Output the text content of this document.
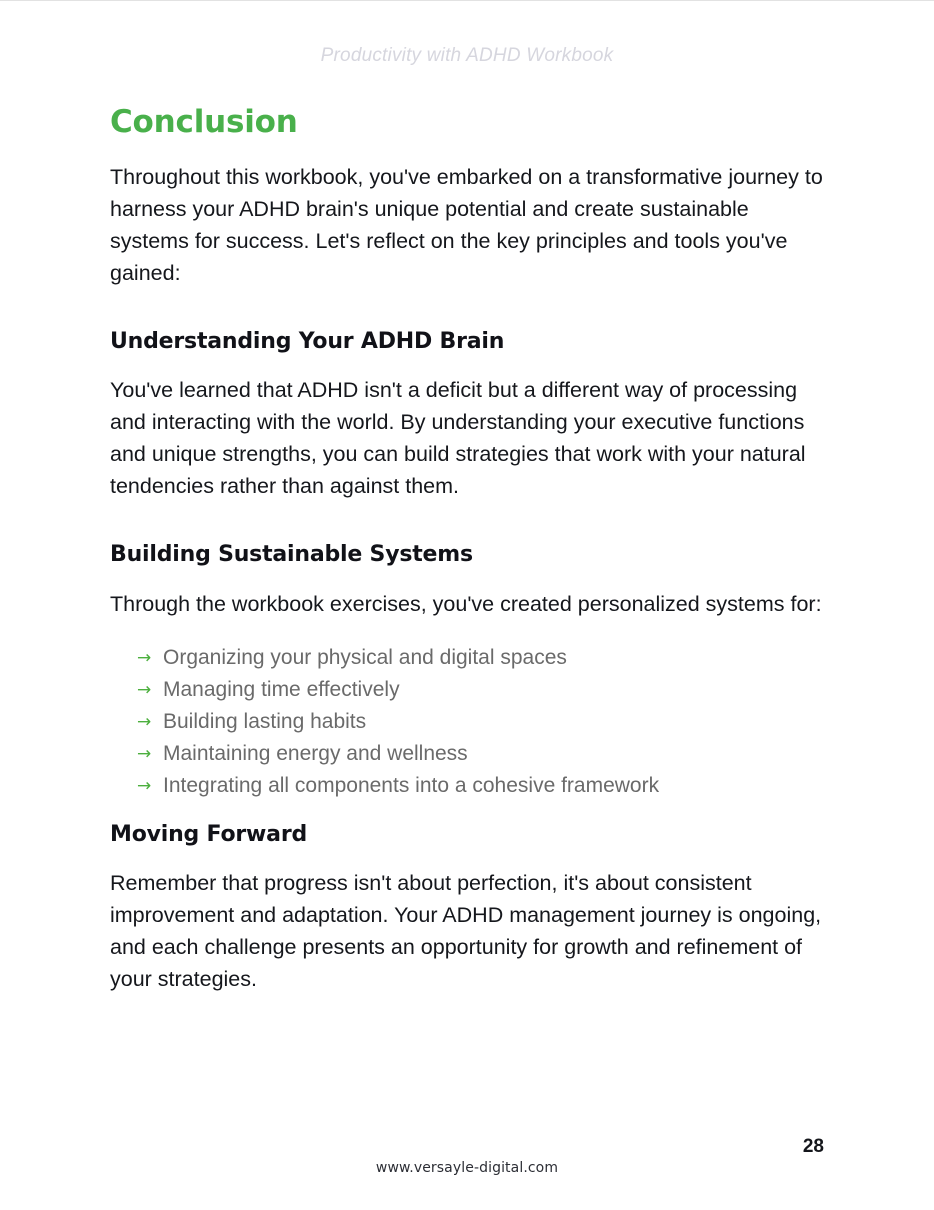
Productivity with ADHD Workbook
Conclusion

Throughout this workbook, you've embarked on a transformative journey to harness your ADHD brain's unique potential and create sustainable systems for success. Let's reflect on the key principles and tools you've gained:

Understanding Your ADHD Brain

You've learned that ADHD isn't a deficit but a different way of processing and interacting with the world. By understanding your executive functions and unique strengths, you can build strategies that work with your natural tendencies rather than against them.

Building Sustainable Systems

Through the workbook exercises, you've created personalized systems for:

→ Organizing your physical and digital spaces
→ Managing time effectively
→ Building lasting habits
→ Maintaining energy and wellness
→ Integrating all components into a cohesive framework
Moving Forward

Remember that progress isn't about perfection, it's about consistent improvement and adaptation. Your ADHD management journey is ongoing, and each challenge presents an opportunity for growth and refinement of your strategies.

28
www.versayle-digital.com
